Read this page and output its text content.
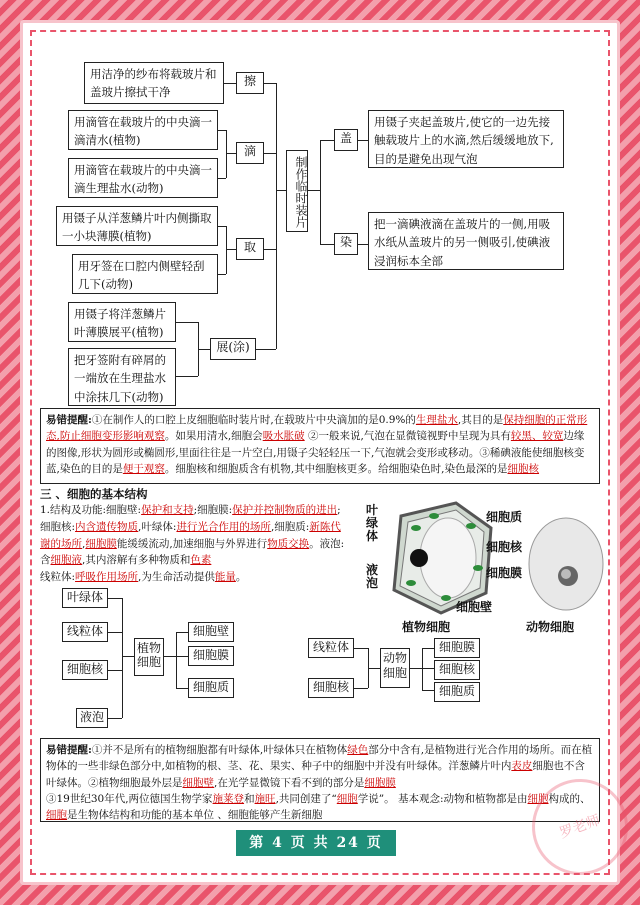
用洁净的纱布将载玻片和盖玻片擦拭干净
擦
用滴管在载玻片的中央滴一滴清水(植物)
用滴管在载玻片的中央滴一滴生理盐水(动物)
滴
用镊子从洋葱鳞片叶内侧撕取一小块薄膜(植物)
用牙签在口腔内侧壁轻刮几下(动物)
取
用镊子将洋葱鳞片叶薄膜展平(植物)
把牙签附有碎屑的一端放在生理盐水中涂抹几下(动物)
展(涂)
制作临时装片
盖
染
用镊子夹起盖玻片,使它的一边先接触载玻片上的水滴,然后缓缓地放下,目的是避免出现气泡
把一滴碘液滴在盖玻片的一侧,用吸水纸从盖玻片的另一侧吸引,使碘液浸润标本全部
易错提醒:①在制作人的口腔上皮细胞临时装片时,在载玻片中央滴加的是0.9%的生理盐水,其目的是保持细胞的正常形态,防止细胞变形影响观察。如果用清水,细胞会吸水胀破 ②一般来说,气泡在显微镜视野中呈现为具有较黑、较宽边缘的图像,形状为圆形或椭圆形,里面往往是一片空白,用镊子尖轻轻压一下,气泡就会变形或移动。③稀碘液能使细胞核变蓝,染色的目的是便于观察。细胞核和细胞质含有机物,其中细胞核更多。给细胞染色时,染色最深的是细胞核
三 、细胞的基本结构
1.结构及功能:细胞壁:保护和支持;细胞膜:保护并控制物质的进出;细胞核:内含遗传物质,叶绿体:进行光合作用的场所,细胞质:新陈代谢的场所,细胞膜能缓缓流动,加速细胞与外界进行物质交换。液泡:含细胞液,其内溶解有多种物质和色素
线粒体:呼吸作用场所,为生命活动提供能量。
叶绿体
液泡
细胞质
细胞核
细胞膜
细胞壁
植物细胞	动物细胞
叶绿体
线粒体
细胞核
液泡
植物细胞
细胞壁
细胞膜
细胞质
线粒体
细胞核
动物细胞
细胞膜
细胞核
细胞质
易错提醒:①并不是所有的植物细胞都有叶绿体,叶绿体只在植物体绿色部分中含有,是植物进行光合作用的场所。而在植物体的一些非绿色部分中,如植物的根、茎、花、果实、种子中的细胞中并没有叶绿体。洋葱鳞片叶内表皮细胞也不含叶绿体。②植物细胞最外层是细胞壁,在光学显微镜下看不到的部分是细胞膜
③19世纪30年代,两位德国生物学家施莱登和施旺,共同创建了“细胞学说”。 基本观念:动物和植物都是由细胞构成的、细胞是生物体结构和功能的基本单位 、细胞能够产生新细胞
第 4 页 共 24 页
罗老师
